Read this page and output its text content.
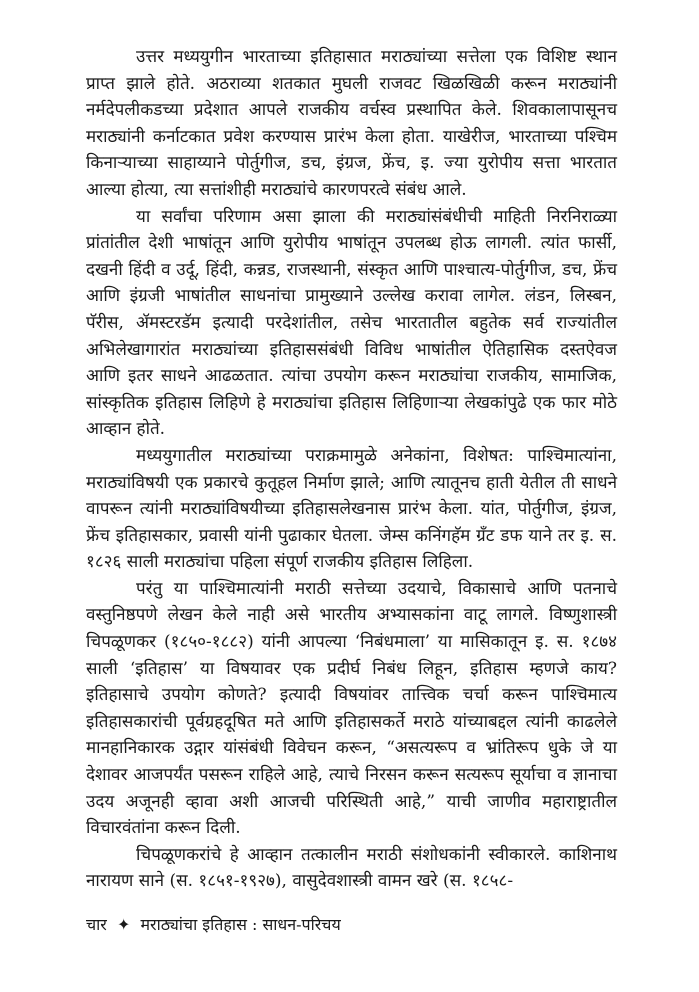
उत्तर मध्ययुगीन भारताच्या इतिहासात मराठ्यांच्या सत्तेला एक विशिष्ट स्थान प्राप्त झाले होते. अठराव्या शतकात मुघली राजवट खिळखिळी करून मराठ्यांनी नर्मदेपलीकडच्या प्रदेशात आपले राजकीय वर्चस्व प्रस्थापित केले. शिवकालापासूनच मराठ्यांनी कर्नाटकात प्रवेश करण्यास प्रारंभ केला होता. याखेरीज, भारताच्या पश्चिम किनाऱ्याच्या साहाय्याने पोर्तुगीज, डच, इंग्रज, फ्रेंच, इ. ज्या युरोपीय सत्ता भारतात आल्या होत्या, त्या सत्तांशीही मराठ्यांचे कारणपरत्वे संबंध आले.

या सर्वांचा परिणाम असा झाला की मराठ्यांसंबंधीची माहिती निरनिराळ्या प्रांतांतील देशी भाषांतून आणि युरोपीय भाषांतून उपलब्ध होऊ लागली. त्यांत फार्सी, दखनी हिंदी व उर्दू, हिंदी, कन्नड, राजस्थानी, संस्कृत आणि पाश्चात्य-पोर्तुगीज, डच, फ्रेंच आणि इंग्रजी भाषांतील साधनांचा प्रामुख्याने उल्लेख करावा लागेल. लंडन, लिस्बन, पॅरीस, ॲमस्टरडॅम इत्यादी परदेशांतील, तसेच भारतातील बहुतेक सर्व राज्यांतील अभिलेखागारांत मराठ्यांच्या इतिहाससंबंधी विविध भाषांतील ऐतिहासिक दस्तऐवज आणि इतर साधने आढळतात. त्यांचा उपयोग करून मराठ्यांचा राजकीय, सामाजिक, सांस्कृतिक इतिहास लिहिणे हे मराठ्यांचा इतिहास लिहिणाऱ्या लेखकांपुढे एक फार मोठे आव्हान होते.

मध्ययुगातील मराठ्यांच्या पराक्रमामुळे अनेकांना, विशेषत: पाश्चिमात्यांना, मराठ्यांविषयी एक प्रकारचे कुतूहल निर्माण झाले; आणि त्यातूनच हाती येतील ती साधने वापरून त्यांनी मराठ्यांविषयीच्या इतिहासलेखनास प्रारंभ केला. यांत, पोर्तुगीज, इंग्रज, फ्रेंच इतिहासकार, प्रवासी यांनी पुढाकार घेतला. जेम्स कनिंगहॅम ग्रँट डफ याने तर इ. स. १८२६ साली मराठ्यांचा पहिला संपूर्ण राजकीय इतिहास लिहिला.

परंतु या पाश्चिमात्यांनी मराठी सत्तेच्या उदयाचे, विकासाचे आणि पतनाचे वस्तुनिष्ठपणे लेखन केले नाही असे भारतीय अभ्यासकांना वाटू लागले. विष्णुशास्त्री चिपळूणकर (१८५०-१८८२) यांनी आपल्या ‘निबंधमाला’ या मासिकातून इ. स. १८७४ साली ‘इतिहास’ या विषयावर एक प्रदीर्घ निबंध लिहून, इतिहास म्हणजे काय? इतिहासाचे उपयोग कोणते? इत्यादी विषयांवर तात्त्विक चर्चा करून पाश्चिमात्य इतिहासकारांची पूर्वग्रहदूषित मते आणि इतिहासकर्ते मराठे यांच्याबद्दल त्यांनी काढलेले मानहानिकारक उद्गार यांसंबंधी विवेचन करून, “असत्यरूप व भ्रांतिरूप धुके जे या देशावर आजपर्यंत पसरून राहिले आहे, त्याचे निरसन करून सत्यरूप सूर्याचा व ज्ञानाचा उदय अजूनही व्हावा अशी आजची परिस्थिती आहे,” याची जाणीव महाराष्ट्रातील विचारवंतांना करून दिली.

चिपळूणकरांचे हे आव्हान तत्कालीन मराठी संशोधकांनी स्वीकारले. काशिनाथ नारायण साने (स. १८५१-१९२७), वासुदेवशास्त्री वामन खरे (स. १८५८-

चार ✦ मराठ्यांचा इतिहास : साधन-परिचय
